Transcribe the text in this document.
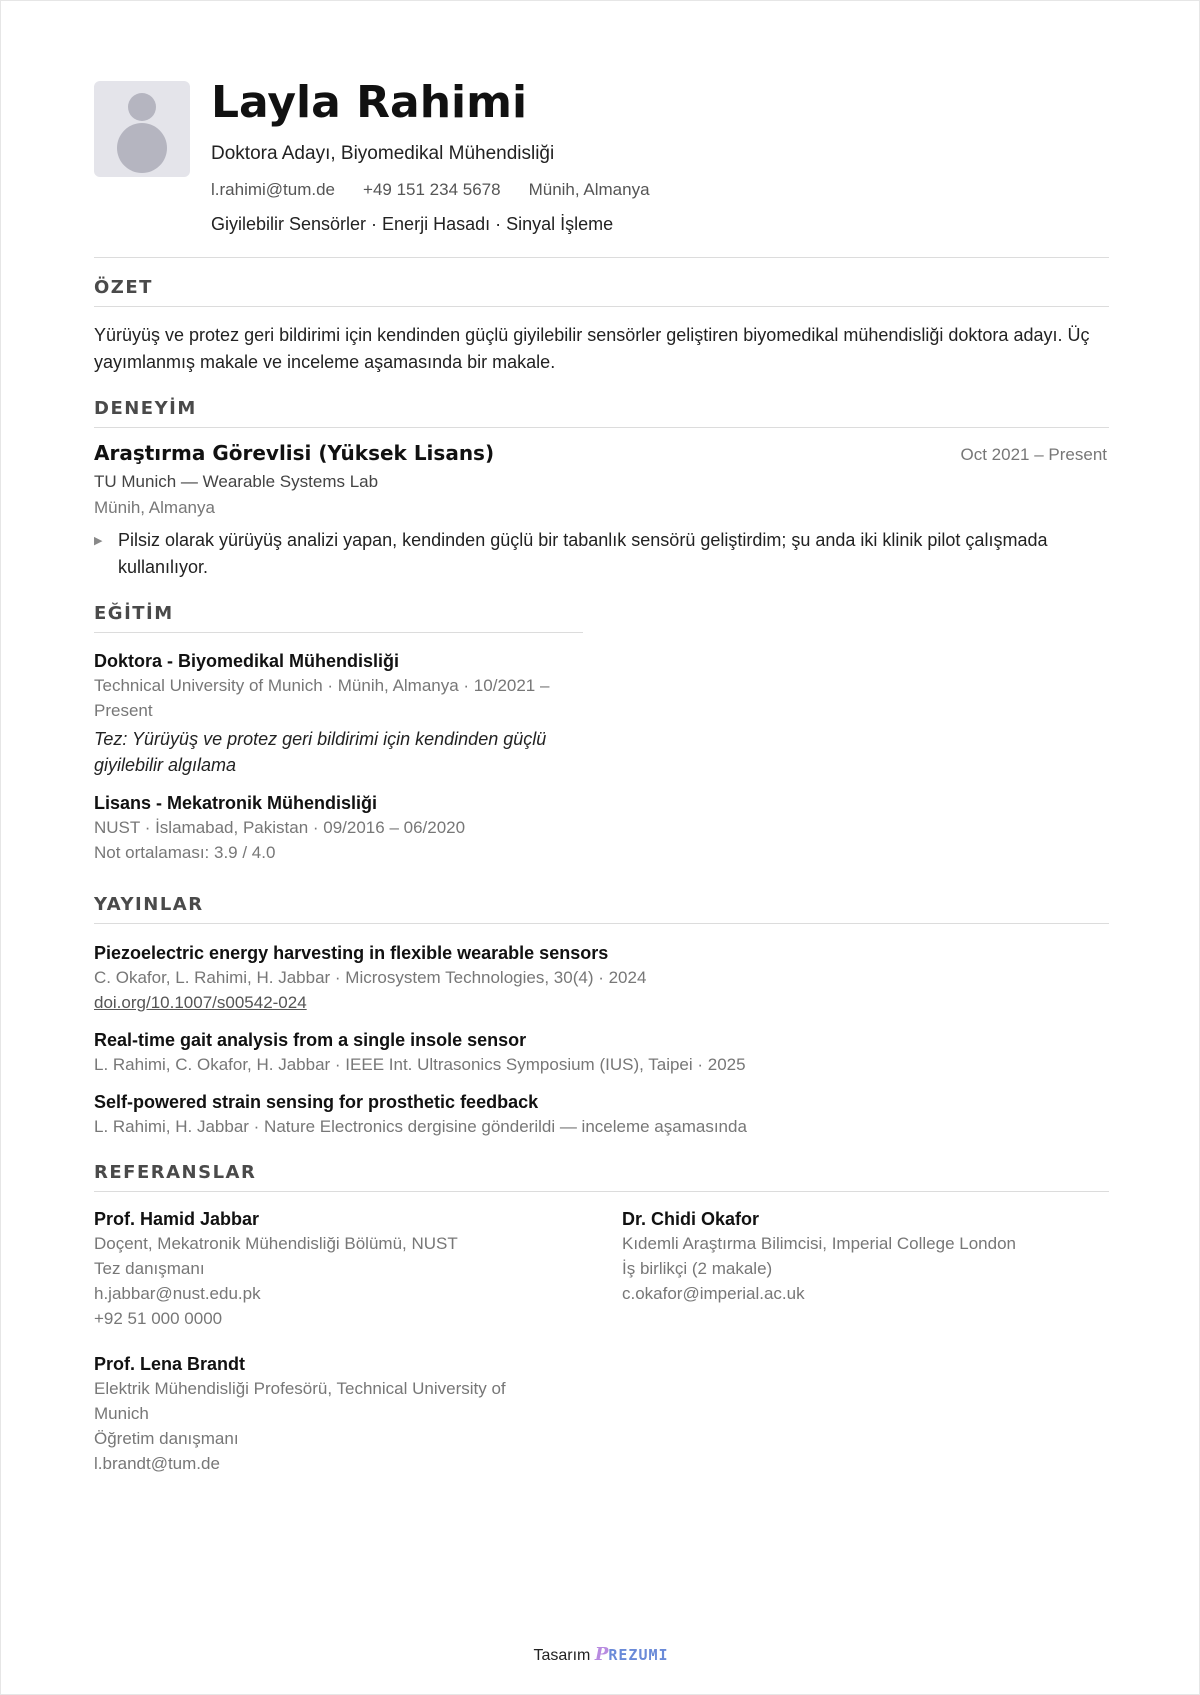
Layla Rahimi
Doktora Adayı, Biyomedikal Mühendisliği
l.rahimi@tum.de +49 151 234 5678 Münih, Almanya
Giyilebilir Sensörler · Enerji Hasadı · Sinyal İşleme
ÖZET
Yürüyüş ve protez geri bildirimi için kendinden güçlü giyilebilir sensörler geliştiren biyomedikal mühendisliği doktora adayı. Üç yayımlanmış makale ve inceleme aşamasında bir makale.
DENEYİM
Araştırma Görevlisi (Yüksek Lisans)	Oct 2021 – Present
TU Munich — Wearable Systems Lab
Münih, Almanya
▶ Pilsiz olarak yürüyüş analizi yapan, kendinden güçlü bir tabanlık sensörü geliştirdim; şu anda iki klinik pilot çalışmada kullanılıyor.
EĞİTİM
Doktora - Biyomedikal Mühendisliği
Technical University of Munich · Münih, Almanya · 10/2021 – Present
Tez: Yürüyüş ve protez geri bildirimi için kendinden güçlü giyilebilir algılama
Lisans - Mekatronik Mühendisliği
NUST · İslamabad, Pakistan · 09/2016 – 06/2020
Not ortalaması: 3.9 / 4.0
YAYINLAR
Piezoelectric energy harvesting in flexible wearable sensors
C. Okafor, L. Rahimi, H. Jabbar · Microsystem Technologies, 30(4) · 2024
doi.org/10.1007/s00542-024
Real-time gait analysis from a single insole sensor
L. Rahimi, C. Okafor, H. Jabbar · IEEE Int. Ultrasonics Symposium (IUS), Taipei · 2025
Self-powered strain sensing for prosthetic feedback
L. Rahimi, H. Jabbar · Nature Electronics dergisine gönderildi — inceleme aşamasında
REFERANSLAR
Prof. Hamid Jabbar
Doçent, Mekatronik Mühendisliği Bölümü, NUST
Tez danışmanı
h.jabbar@nust.edu.pk
+92 51 000 0000
Dr. Chidi Okafor
Kıdemli Araştırma Bilimcisi, Imperial College London
İş birlikçi (2 makale)
c.okafor@imperial.ac.uk
Prof. Lena Brandt
Elektrik Mühendisliği Profesörü, Technical University of Munich
Öğretim danışmanı
l.brandt@tum.de
Tasarım PREZUMI
